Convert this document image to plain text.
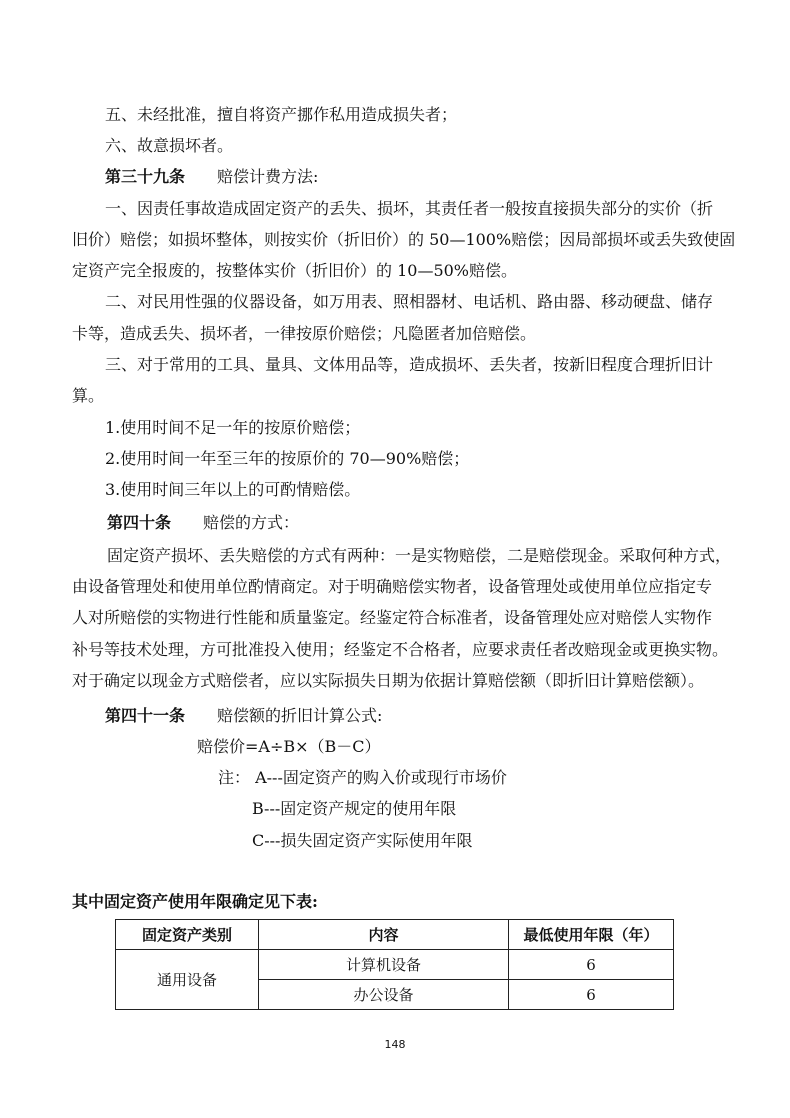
五、未经批准，擅自将资产挪作私用造成损失者；
六、故意损坏者。
第三十九条 赔偿计费方法:
一、因责任事故造成固定资产的丢失、损坏，其责任者一般按直接损失部分的实价（折
旧价）赔偿；如损坏整体，则按实价（折旧价）的 50—100%赔偿；因局部损坏或丢失致使固
定资产完全报废的，按整体实价（折旧价）的 10—50%赔偿。
二、对民用性强的仪器设备，如万用表、照相器材、电话机、路由器、移动硬盘、储存
卡等，造成丢失、损坏者，一律按原价赔偿；凡隐匿者加倍赔偿。
三、对于常用的工具、量具、文体用品等，造成损坏、丢失者，按新旧程度合理折旧计
算。
1.使用时间不足一年的按原价赔偿；
2.使用时间一年至三年的按原价的 70—90%赔偿；
3.使用时间三年以上的可酌情赔偿。
第四十条 赔偿的方式：
固定资产损坏、丢失赔偿的方式有两种：一是实物赔偿，二是赔偿现金。采取何种方式，
由设备管理处和使用单位酌情商定。对于明确赔偿实物者，设备管理处或使用单位应指定专
人对所赔偿的实物进行性能和质量鉴定。经鉴定符合标准者，设备管理处应对赔偿人实物作
补号等技术处理，方可批准投入使用；经鉴定不合格者，应要求责任者改赔现金或更换实物。
对于确定以现金方式赔偿者，应以实际损失日期为依据计算赔偿额（即折旧计算赔偿额）。
第四十一条 赔偿额的折旧计算公式:
赔偿价=A÷B×（B－C）
注： A---固定资产的购入价或现行市场价
B---固定资产规定的使用年限
C---损失固定资产实际使用年限
其中固定资产使用年限确定见下表:
固定资产类别	内容	最低使用年限（年）
通用设备	计算机设备	6
	办公设备	6
148
